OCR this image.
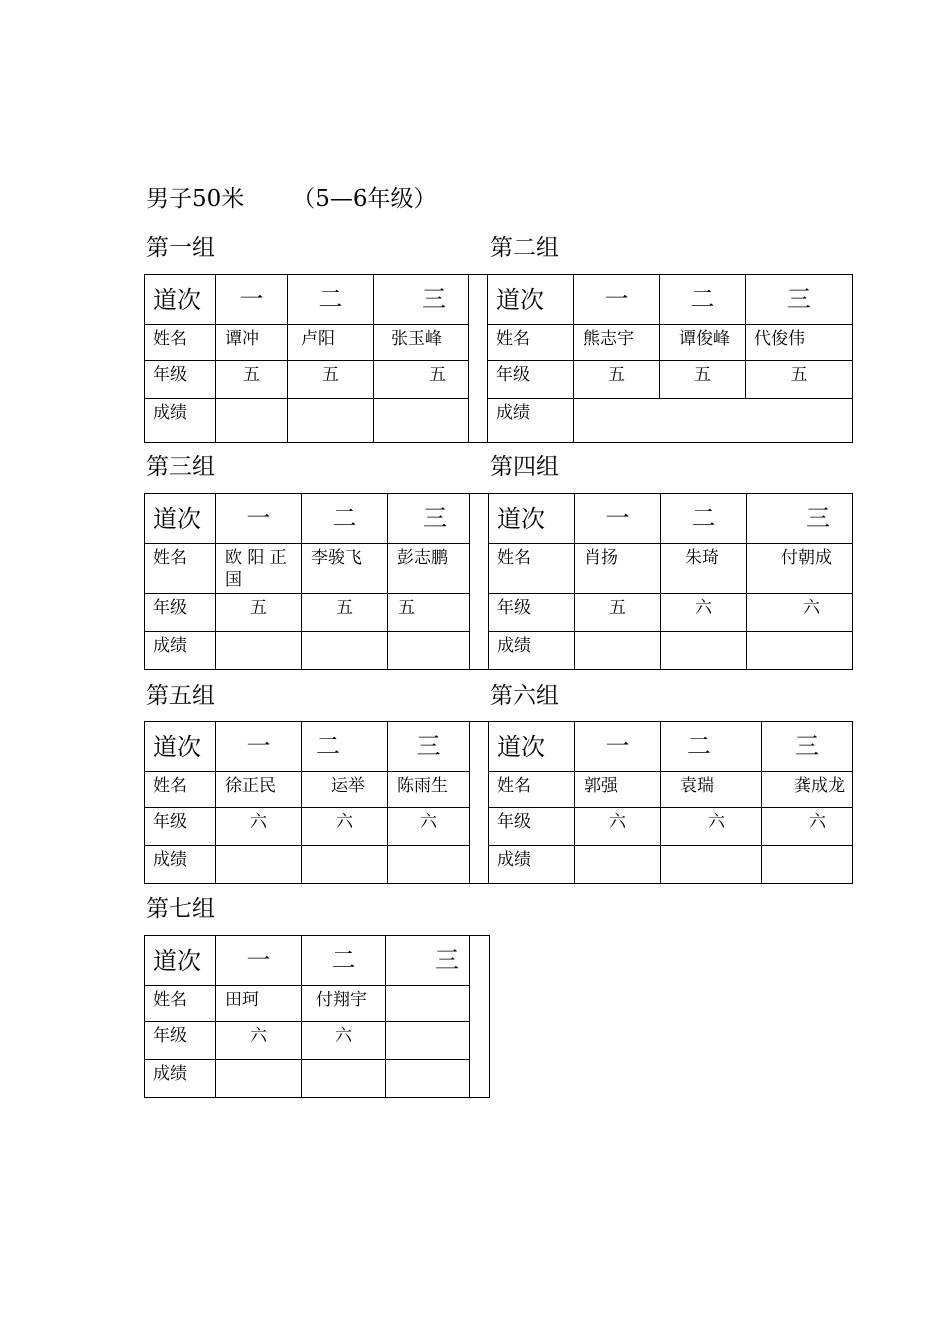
男子50米 （5—6年级）
第一组	第二组
第三组	第四组
第五组	第六组
第七组
道次	一	二	三		道次	一	二	三
姓名	谭冲	卢阳	张玉峰		姓名	熊志宇	谭俊峰	代俊伟
年级	五	五	五		年级	五	五	五
成绩					成绩			
道次	一	二	三		道次	一	二	三
姓名	欧 阳 正 国	李骏飞	彭志鹏		姓名	肖扬	朱琦	付朝成
年级	五	五	五		年级	五	六	六
成绩					成绩			
道次	一	二	三		道次	一	二	三
姓名	徐正民	运举	陈雨生		姓名	郭强	袁瑞	龚成龙
年级	六	六	六		年级	六	六	六
成绩					成绩			
道次	一	二	三	
姓名	田珂	付翔宇		
年级	六	六		
成绩				
